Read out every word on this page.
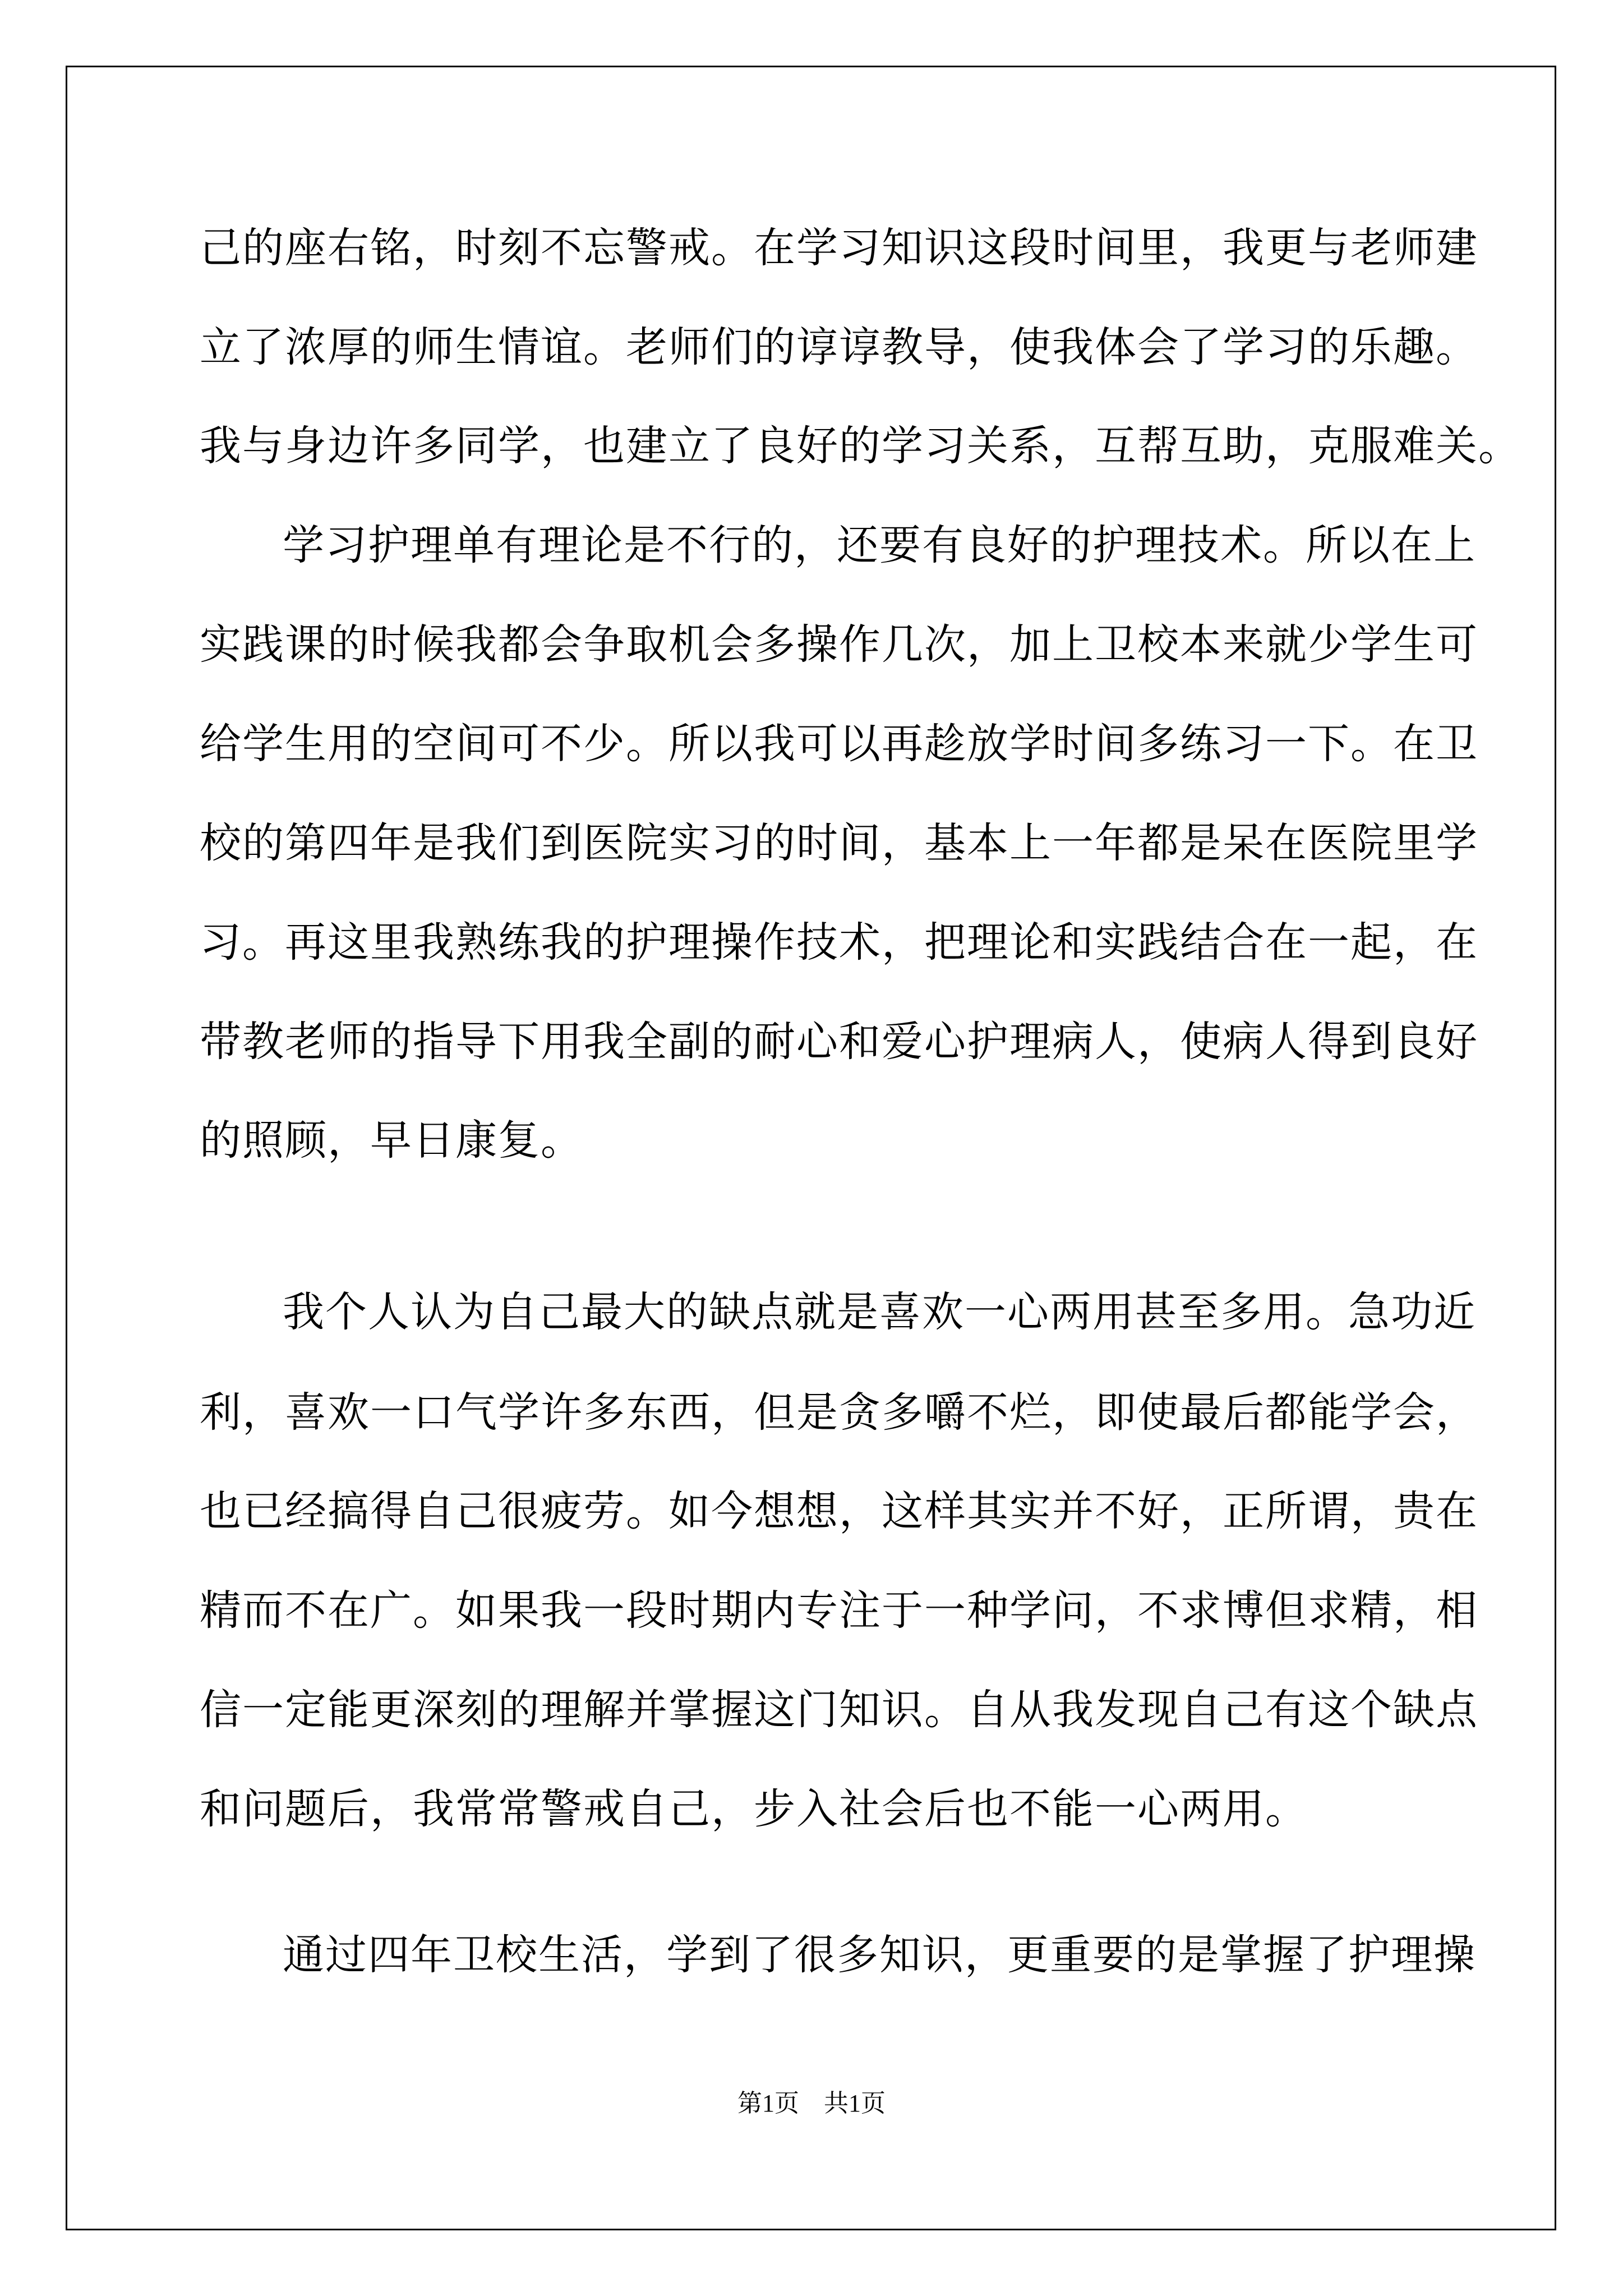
己的座右铭，时刻不忘警戒。在学习知识这段时间里，我更与老师建
立了浓厚的师生情谊。老师们的谆谆教导，使我体会了学习的乐趣。
我与身边许多同学，也建立了良好的学习关系，互帮互助，克服难关。
学习护理单有理论是不行的，还要有良好的护理技术。所以在上
实践课的时候我都会争取机会多操作几次，加上卫校本来就少学生可
给学生用的空间可不少。所以我可以再趁放学时间多练习一下。在卫
校的第四年是我们到医院实习的时间，基本上一年都是呆在医院里学
习。再这里我熟练我的护理操作技术，把理论和实践结合在一起，在
带教老师的指导下用我全副的耐心和爱心护理病人，使病人得到良好
的照顾，早日康复。
我个人认为自己最大的缺点就是喜欢一心两用甚至多用。急功近
利，喜欢一口气学许多东西，但是贪多嚼不烂，即使最后都能学会，
也已经搞得自己很疲劳。如今想想，这样其实并不好，正所谓，贵在
精而不在广。如果我一段时期内专注于一种学问，不求博但求精，相
信一定能更深刻的理解并掌握这门知识。自从我发现自己有这个缺点
和问题后，我常常警戒自己，步入社会后也不能一心两用。
通过四年卫校生活，学到了很多知识，更重要的是掌握了护理操
第1页 共1页
